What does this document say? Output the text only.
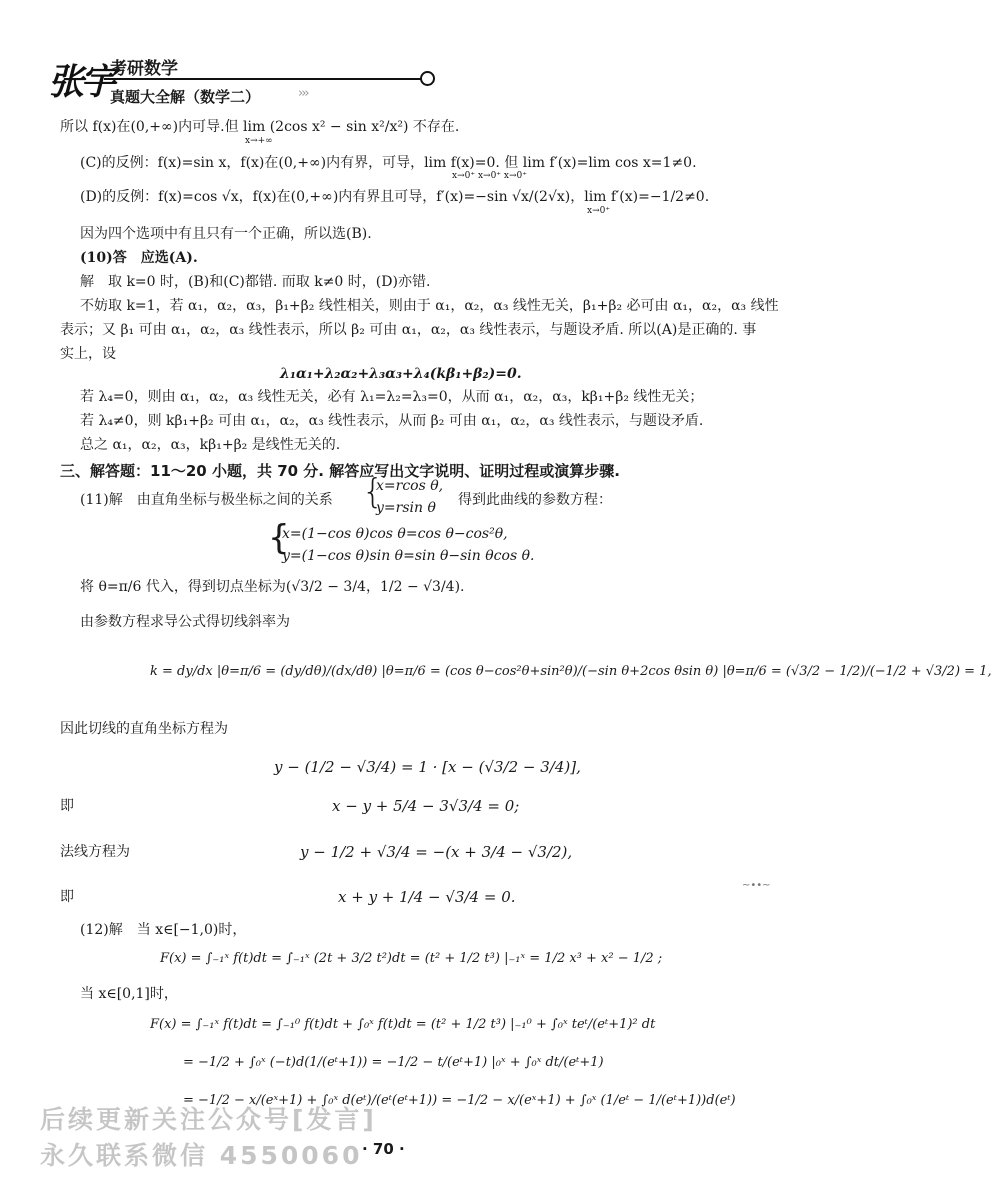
张宇
考研数学
真题大全解（数学二）	›››
所以 f(x)在(0,+∞)内可导.但 lim (2cos x² − sin x²/x²) 不存在.
x→+∞
(C)的反例：f(x)=sin x，f(x)在(0,+∞)内有界，可导，lim f(x)=0. 但 lim f′(x)=lim cos x=1≠0.
x→0⁺ x→0⁺ x→0⁺
(D)的反例：f(x)=cos √x，f(x)在(0,+∞)内有界且可导，f′(x)=−sin √x/(2√x)，lim f′(x)=−1/2≠0.
x→0⁺
因为四个选项中有且只有一个正确，所以选(B).
(10)答　应选(A).
解　取 k=0 时，(B)和(C)都错. 而取 k≠0 时，(D)亦错.
不妨取 k=1，若 α₁，α₂，α₃，β₁+β₂ 线性相关，则由于 α₁，α₂，α₃ 线性无关，β₁+β₂ 必可由 α₁，α₂，α₃ 线性
表示；又 β₁ 可由 α₁，α₂，α₃ 线性表示，所以 β₂ 可由 α₁，α₂，α₃ 线性表示，与题设矛盾. 所以(A)是正确的. 事
实上，设
λ₁α₁+λ₂α₂+λ₃α₃+λ₄(kβ₁+β₂)=0.
若 λ₄=0，则由 α₁，α₂，α₃ 线性无关，必有 λ₁=λ₂=λ₃=0，从而 α₁，α₂，α₃，kβ₁+β₂ 线性无关；
若 λ₄≠0，则 kβ₁+β₂ 可由 α₁，α₂，α₃ 线性表示，从而 β₂ 可由 α₁，α₂，α₃ 线性表示，与题设矛盾.
总之 α₁，α₂，α₃，kβ₁+β₂ 是线性无关的.
三、解答题：11～20 小题，共 70 分. 解答应写出文字说明、证明过程或演算步骤.
(11)解　由直角坐标与极坐标之间的关系 {
x=rcos θ,
y=rsin θ 得到此曲线的参数方程：
{
x=(1−cos θ)cos θ=cos θ−cos²θ,
y=(1−cos θ)sin θ=sin θ−sin θcos θ.
将 θ=π/6 代入，得到切点坐标为(√3/2 − 3/4，1/2 − √3/4).
由参数方程求导公式得切线斜率为
k = dy/dx |θ=π/6 = (dy/dθ)/(dx/dθ) |θ=π/6 = (cos θ−cos²θ+sin²θ)/(−sin θ+2cos θsin θ) |θ=π/6 = (√3/2 − 1/2)/(−1/2 + √3/2) = 1,
因此切线的直角坐标方程为
y − (1/2 − √3/4) = 1 · [x − (√3/2 − 3/4)],
即	x − y + 5/4 − 3√3/4 = 0;
法线方程为	y − 1/2 + √3/4 = −(x + 3/4 − √3/2),
即	x + y + 1/4 − √3/4 = 0.
(12)解　当 x∈[−1,0)时，
F(x) = ∫₋₁ˣ f(t)dt = ∫₋₁ˣ (2t + 3/2 t²)dt = (t² + 1/2 t³) |₋₁ˣ = 1/2 x³ + x² − 1/2 ;
当 x∈[0,1]时，
F(x) = ∫₋₁ˣ f(t)dt = ∫₋₁⁰ f(t)dt + ∫₀ˣ f(t)dt = (t² + 1/2 t³) |₋₁⁰ + ∫₀ˣ teᵗ/(eᵗ+1)² dt
= −1/2 + ∫₀ˣ (−t)d(1/(eᵗ+1)) = −1/2 − t/(eᵗ+1) |₀ˣ + ∫₀ˣ dt/(eᵗ+1)
= −1/2 − x/(eˣ+1) + ∫₀ˣ d(eᵗ)/(eᵗ(eᵗ+1)) = −1/2 − x/(eˣ+1) + ∫₀ˣ (1/eᵗ − 1/(eᵗ+1))d(eᵗ)
后续更新关注公众号[发言]
永久联系微信 4550060 · 70 ·
~••~
